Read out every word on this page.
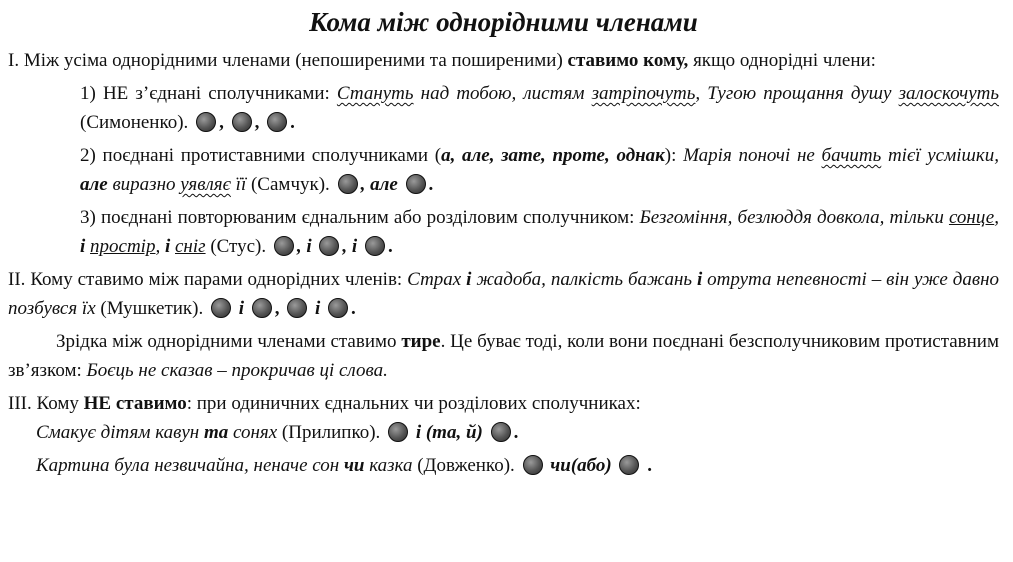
Кома між однорідними членами

І. Між усіма однорідними членами (непоширеними та поширеними) ставимо кому, якщо однорідні члени:

1) НЕ з’єднані сполучниками: Стануть над тобою, листям затріпочуть, Тугою прощання душу залоскочуть (Симоненко). , , .

2) поєднані протиставними сполучниками (а, але, зате, проте, однак): Марія поночі не бачить тієї усмішки, але виразно уявляє її (Самчук). , але .

3) поєднані повторюваним єднальним або розділовим сполучником: Безгоміння, безлюддя довкола, тільки сонце, і простір, і сніг (Стус). , і , і .

ІІ. Кому ставимо між парами однорідних членів: Страх і жадоба, палкість бажань і отрута непевності – він уже давно позбувся їх (Мушкетик).  і ,  і .

Зрідка між однорідними членами ставимо тире. Це буває тоді, коли вони поєднані безсполучниковим протиставним зв’язком: Боєць не сказав – прокричав ці слова.

ІІІ. Кому НЕ ставимо: при одиничних єднальних чи розділових сполучниках:

Смакує дітям кавун та сонях (Прилипко).  і (та, й) .

Картина була незвичайна, неначе сон чи казка (Довженко).  чи(або)  .
